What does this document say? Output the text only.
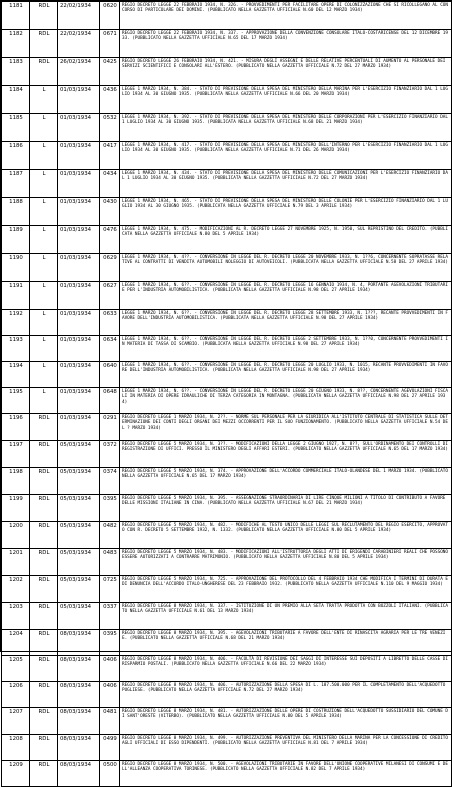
1181	RDL	22/02/1934	0620	REGIO DECRETO LEGGE 22 FEBBRAIO 1934, N. 326. - PROVVEDIMENTI PER FACILITARE OPERE DI COLONIZZAZIONE CHE SI RICOLLEGANO AL CONCORSO DI PARTICOLARE DEI DOMINI. (PUBBLICATO NELLA GAZZETTA UFFICIALE N.60 DEL 12 MARZO 1934)
1182	RDL	22/02/1934	0671	REGIO DECRETO LEGGE 22 FEBBRAIO 1934, N. 337. - APPROVAZIONE DELLA CONVENZIONE CONSOLARE ITALO-COSTARICENSE DEL 12 DICEMBRE 1933. (PUBBLICATO NELLA GAZZETTA UFFICIALE N.65 DEL 17 MARZO 1934)
1183	RDL	26/02/1934	0425	REGIO DECRETO LEGGE 26 FEBBRAIO 1934, N. 421. - MISURA DEGLI ASSEGNI E DELLE RELATIVE PERCENTUALI DI AUMENTO AL PERSONALE DEI SERVIZI SCIENTIFICI E CONSOLARI ALL'ESTERO. (PUBBLICATO NELLA GAZZETTA UFFICIALE N.72 DEL 27 MARZO 1934)
1184	L	01/03/1934	0436	LEGGE 1 MARZO 1934, N. 384. - STATO DI PREVISIONE DELLA SPESA DEL MINISTERO DELLA MARINA PER L'ESERCIZIO FINANZIARIO DAL 1 LUGLIO 1934 AL 30 GIUGNO 1935. (PUBBLICATA NELLA GAZZETTA UFFICIALE N.66 DEL 20 MARZO 1934)
1185	L	01/03/1934	0532	LEGGE 1 MARZO 1934, N. 392. - STATO DI PREVISIONE DELLA SPESA DEL MINISTERO DELLE CORPORAZIONI PER L'ESERCIZIO FINANZIARIO DAL 1 LUGLIO 1934 AL 30 GIUGNO 1935. (PUBBLICATA NELLA GAZZETTA UFFICIALE N.68 DEL 21 MARZO 1934)
1186	L	01/03/1934	0417	LEGGE 1 MARZO 1934, N. 417. - STATO DI PREVISIONE DELLA SPESA DEL MINISTERO DELL'INTERNO PER L'ESERCIZIO FINANZIARIO DAL 1 LUGLIO 1934 AL 30 GIUGNO 1935. (PUBBLICATA NELLA GAZZETTA UFFICIALE N.71 DEL 26 MARZO 1934)
1187	L	01/03/1934	0434	LEGGE 1 MARZO 1934, N. 434. - STATO DI PREVISIONE DELLA SPESA DEL MINISTERO DELLE COMUNICAZIONI PER L'ESERCIZIO FINANZIARIO DAL 1 LUGLIO 1934 AL 30 GIUGNO 1935. (PUBBLICATA NELLA GAZZETTA UFFICIALE N.72 DEL 27 MARZO 1934)
1188	L	01/03/1934	0430	LEGGE 1 MARZO 1934, N. 465. - STATO DI PREVISIONE DELLA SPESA DEL MINISTERO DELLE COLONIE PER L'ESERCIZIO FINANZIARIO DAL 1 LUGLIO 1934 AL 30 GIUGNO 1935. (PUBBLICATA NELLA GAZZETTA UFFICIALE N.79 DEL 3 APRILE 1934)
1189	L	01/03/1934	0476	LEGGE 1 MARZO 1934, N. 475. - MODIFICAZIONI AL R. DECRETO LEGGE 27 NOVEMBRE 1925, N. 1950, SUL REPRISTINO DEL CREDITO. (PUBBLICATA NELLA GAZZETTA UFFICIALE N.80 DEL 5 APRILE 1934)
1190	L	01/03/1934	0629	LEGGE 1 MARZO 1934, N. 4??. - CONVERSIONE IN LEGGE DEL R. DECRETO LEGGE 20 NOVEMBRE 1933, N. 1??6, CONCERNENTE SOPRATASSE RELATIVE AL CONTRATTI DI VENDITA AUTOMOBILI NOLEGGIO DI AUTOVEICOLI. (PUBBLICATA NELLA GAZZETTA UFFICIALE N.58 DEL 27 APRILE 1934)
1191	L	01/03/1934	0627	LEGGE 1 MARZO 1934, N. 6??. - CONVERSIONE IN LEGGE DEL R. DECRETO LEGGE 16 GENNAIO 1934, N. 4, PORTANTE AGEVOLAZIONI TRIBUTARIE PER L'INDUSTRIA AUTOMOBILISTICA. (PUBBLICATA NELLA GAZZETTA UFFICIALE N.98 DEL 27 APRILE 1934)
1192	L	01/03/1934	0633	LEGGE 1 MARZO 1934, N. 6??. - CONVERSIONE IN LEGGE DEL R. DECRETO LEGGE 28 SETTEMBRE 1933, N. 1???, RECANTE PROVVEDIMENTI IN FAVORE DELL'INDUSTRIA AUTOMOBILISTICA. (PUBBLICATA NELLA GAZZETTA UFFICIALE N.98 DEL 27 APRILE 1934)
1193	L	01/03/1934	0634	LEGGE 1 MARZO 1934, N. 6??. - CONVERSIONE IN LEGGE DEL R. DECRETO LEGGE 2 SETTEMBRE 1933, N. 1??0, CONCERNENTE PROVVEDIMENTI IN MATERIA DI TASSA DI SCAMBIO. (PUBBLICATA NELLA GAZZETTA UFFICIALE N.98 DEL 27 APRILE 1934)
1194	L	01/03/1934	0640	LEGGE 1 MARZO 1934, N. 6??. - CONVERSIONE IN LEGGE DEL R. DECRETO LEGGE 20 LUGLIO 1933, N. 1015, RECANTE PROVVEDIMENTI IN FAVORE DELL'INDUSTRIA AUTOMOBILISTICA. (PUBBLICATA NELLA GAZZETTA UFFICIALE N.98 DEL 27 APRILE 1934)
1195	L	01/03/1934	0648	LEGGE 1 MARZO 1934, N. 6??. - CONVERSIONE IN LEGGE DEL R. DECRETO LEGGE 20 GIUGNO 1933, N. 8??, CONCERNENTE AGEVOLAZIONI FISCALI IN MATERIA DI OPERE IDRAULICHE DI TERZA CATEGORIA IN MONTAGNA. (PUBBLICATA NELLA GAZZETTA UFFICIALE N.98 DEL 27 APRILE 1934)
1196	RDL	01/03/1934	0291	REGIO DECRETO LEGGE 1 MARZO 1934, N. 2??. - NORME SUL PERSONALE PER LA GIURIDICA ALL'ISTITUTO CENTRALE DI STATISTICA SULLE DETERMINAZIONE DEI CONTI DEGLI ORGANI DEI MEZZI OCCORRENTI PER IL SUO FUNZIONAMENTO. (PUBBLICATO NELLA GAZZETTA UFFICIALE N.54 DEL ? MARZO 1934)
1197	RDL	05/03/1934	0372	REGIO DECRETO LEGGE 5 MARZO 1934, N. 3??. - MODIFICAZIONI DELLA LEGGE 2 GIUGNO 1927, N. 8??, SULL'ORDINAMENTO DEI CONTROLLI DI REGISTRAZIONE DI UFFICI. PRESSO IL MINISTERO DEGLI AFFARI ESTERI. (PUBBLICATO NELLA GAZZETTA UFFICIALE N.65 DEL 17 MARZO 1934)
1198	RDL	05/03/1934	0374	REGIO DECRETO LEGGE 5 MARZO 1934, N. 374. - APPROVAZIONE DELL'ACCORDO COMMERCIALE ITALO-OLANDESE DEL 1 MARZO 1934. (PUBBLICATO NELLA GAZZETTA UFFICIALE N.65 DEL 17 MARZO 1934)
1199	RDL	05/03/1934	0395	REGIO DECRETO LEGGE 5 MARZO 1934, N. 395. - ASSEGNAZIONE STRAORDINARIA DI LIRE CINQUE MILIONI A TITOLO DI CONTRIBUTO A FAVORE DELLE MISSIONI ITALIANE IN CINA. (PUBBLICATO NELLA GAZZETTA UFFICIALE N.67 DEL 21 MARZO 1934)
1200	RDL	05/03/1934	0482	REGIO DECRETO LEGGE 5 MARZO 1934, N. 482. - MODIFICHE AL TESTO UNICO DELLE LEGGI SUL RECLUTAMENTO DEL REGIO ESERCITO, APPROVATO CON R. DECRETO 5 SETTEMBRE 1932, N. 1332. (PUBBLICATO NELLA GAZZETTA UFFICIALE N.80 DEL 5 APRILE 1934)
1201	RDL	05/03/1934	0483	REGIO DECRETO LEGGE 5 MARZO 1934, N. 483. - MODIFICAZIONI ALL'ISTRUTTORIA DEGLI ATTI DI ERIGENDI CARABINIERI REALI CHE POSSONO ESSERE AUTORIZZATI A CONTRARRE MATRIMONIO. (PUBBLICATO NELLA GAZZETTA UFFICIALE N.80 DEL 5 APRILE 1934)
1202	RDL	05/03/1934	0725	REGIO DECRETO LEGGE 5 MARZO 1934, N. 725. - APPROVAZIONE DEL PROTOCOLLO DEL 4 FEBBRAIO 1934 CHE MODIFICA I TERMINI DI DURATA E DI DENUNCIA DELL'ACCORDO ITALO-UNGHERESE DEL 23 FEBBRAIO 1932. (PUBBLICATO NELLA GAZZETTA UFFICIALE N.110 DEL 9 MAGGIO 1934)
1203	RDL	05/03/1934	0337	REGIO DECRETO LEGGE 8 MARZO 1934, N. 337. - ISTITUZIONE DI UN PREMIO ALLA SETA TRATTA PRODOTTA CON BOZZOLI ITALIANI. (PUBBLICATO NELLA GAZZETTA UFFICIALE N.61 DEL 13 MARZO 1934)
1204	RDL	08/03/1934	0395	REGIO DECRETO LEGGE 8 MARZO 1934, N. 395. - AGEVOLAZIONI TRIBUTARIE A FAVORE DELL'ENTE DI RINASCITA AGRARIA PER LE TRE VENEZIE. (PUBBLICATO NELLA GAZZETTA UFFICIALE N.68 DEL 21 MARZO 1934)
1205	RDL	08/03/1934	0406	REGIO DECRETO LEGGE 8 MARZO 1934, N. 406. - FACOLTÀ DI REVISIONE DEI SAGGI DI INTERESSE SUI DEPOSITI A LIBRETTO DELLE CASSE DI RISPARMIO POSTALI. (PUBBLICATO NELLA GAZZETTA UFFICIALE N.66 DEL 22 MARZO 1934)
1206	RDL	08/03/1934	0406	REGIO DECRETO LEGGE 8 MARZO 1934, N. 406. - AUTORIZZAZIONE DELLA SPESA DI L. 187.500.000 PER IL COMPLETAMENTO DELL'ACQUEDOTTO PUGLIESE. (PUBBLICATO NELLA GAZZETTA UFFICIALE N.72 DEL 27 MARZO 1934)
1207	RDL	08/03/1934	0481	REGIO DECRETO LEGGE 8 MARZO 1934, N. 481. - AUTORIZZAZIONE DELLE OPERE DI COSTRUZIONE DELL'ACQUEDOTTO SUSSIDIARIO DEL COMUNE DI SANT'ORESTE (VITERBO). (PUBBLICATO NELLA GAZZETTA UFFICIALE N.80 DEL 5 APRILE 1934)
1208	RDL	08/03/1934	0499	REGIO DECRETO LEGGE 8 MARZO 1934, N. 499. - AUTORIZZAZIONE PREVENTIVA DEL MINISTERO DELLA MARINA PER LA CONCESSIONE DI CREDITO AGLI UFFICIALI DI ESSO DIPENDENTI. (PUBBLICATO NELLA GAZZETTA UFFICIALE N.81 DEL 7 APRILE 1934)
1209	RDL	08/03/1934	0500	REGIO DECRETO LEGGE 8 MARZO 1934, N. 500. - AGEVOLAZIONI TRIBUTARIE IN FAVORE DELL'UNIONE COOPERATIVE MILANESI DI CONSUMI E DELL'ALLEANZA COOPERATIVA TORINESE. (PUBBLICATO NELLA GAZZETTA UFFICIALE N.82 DEL 7 APRILE 1934)
